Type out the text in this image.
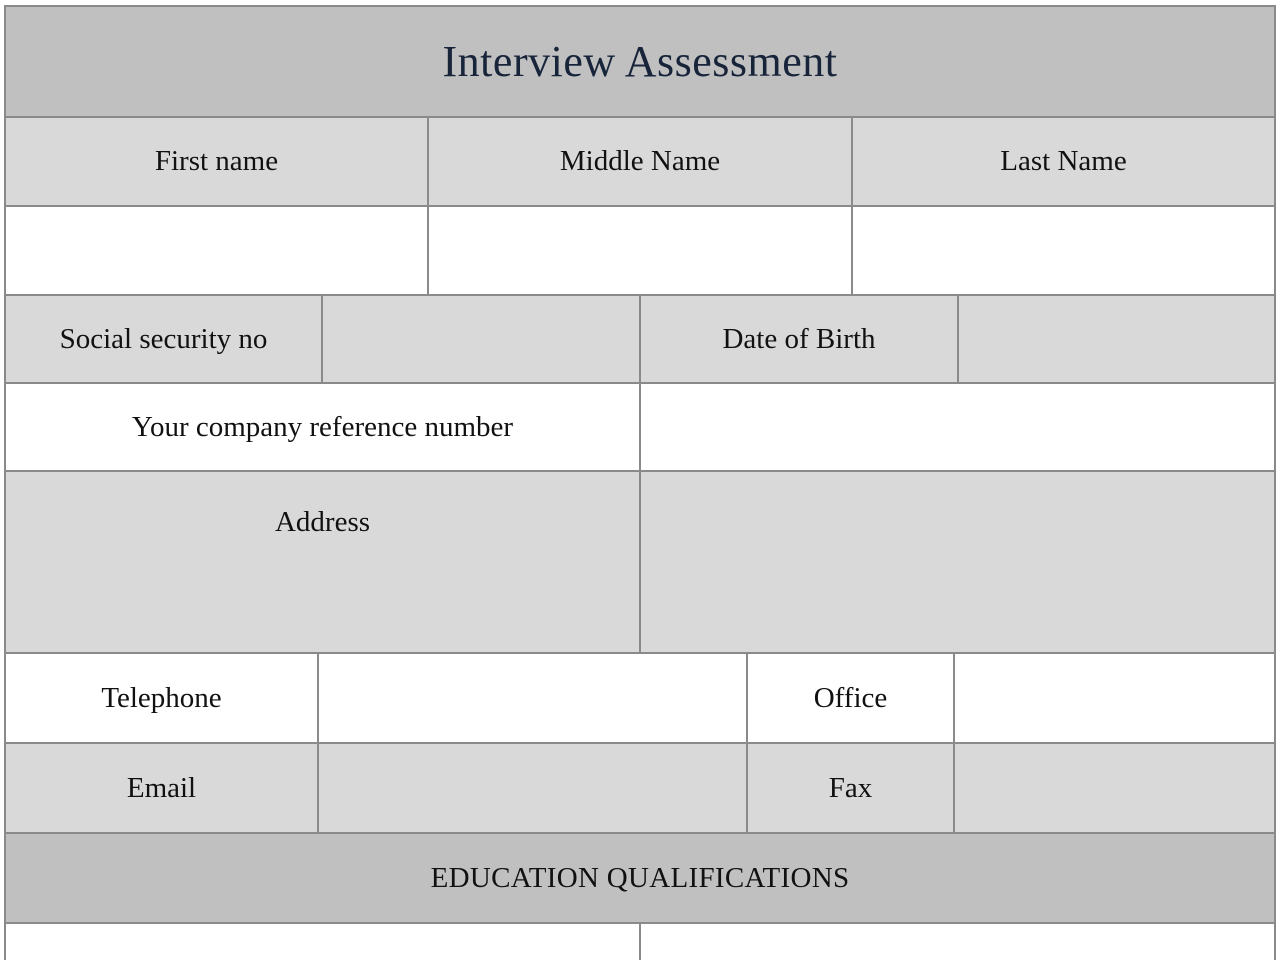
Interview Assessment
First name	Middle Name	Last Name
Social security no	Date of Birth
Your company reference number
Address
Telephone	Office
Email	Fax
EDUCATION QUALIFICATIONS
